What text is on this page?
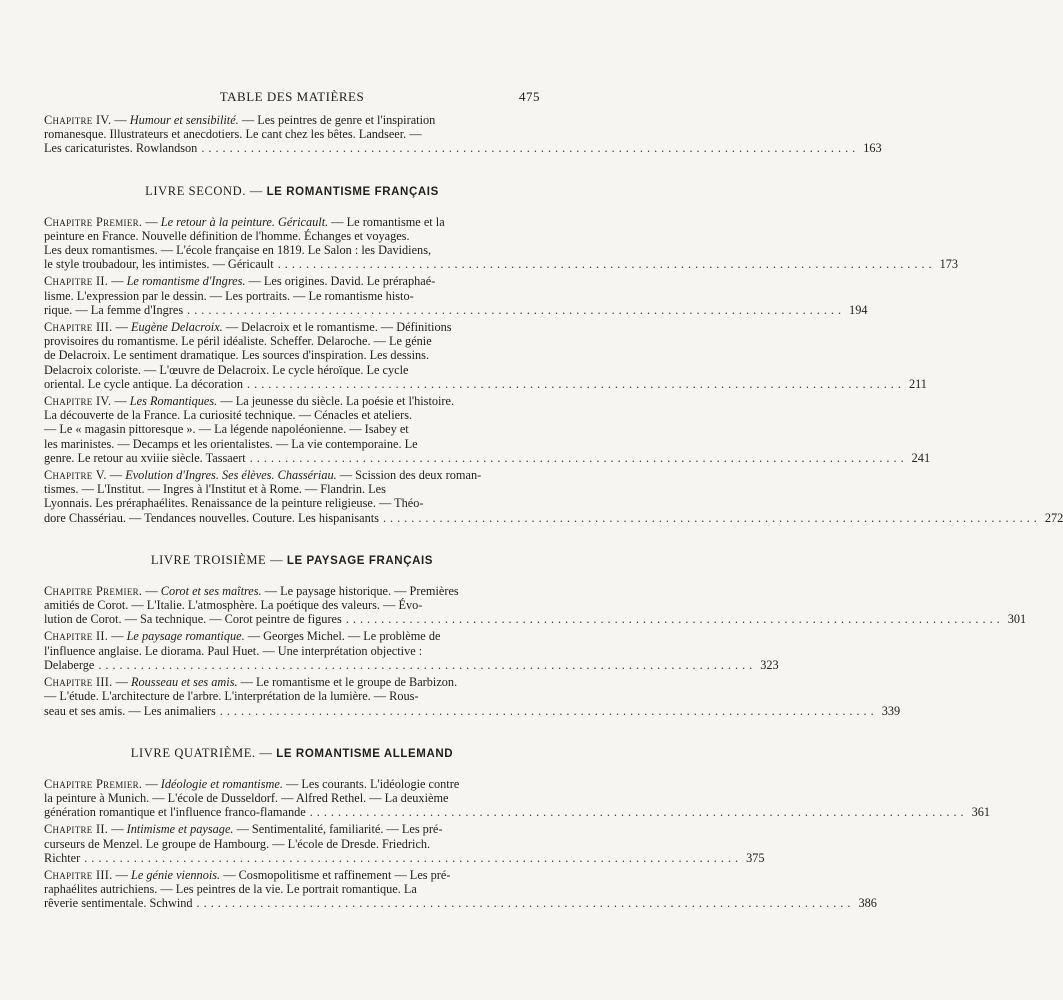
TABLE DES MATIÈRES	475
Chapitre IV. — Humour et sensibilité. — Les peintres de genre et l'inspiration
romanesque. Illustrateurs et anecdotiers. Le cant chez les bêtes. Landseer. —
Les caricaturistes. Rowlandson ............................................................................................. 163
LIVRE SECOND. — LE ROMANTISME FRANÇAIS
Chapitre Premier. — Le retour à la peinture. Géricault. — Le romantisme et la
peinture en France. Nouvelle définition de l'homme. Échanges et voyages.
Les deux romantismes. — L'école française en 1819. Le Salon : les Davidiens,
le style troubadour, les intimistes. — Géricault ............................................................................................. 173
Chapitre II. — Le romantisme d'Ingres. — Les origines. David. Le préraphaé-
lisme. L'expression par le dessin. — Les portraits. — Le romantisme histo-
rique. — La femme d'Ingres ............................................................................................. 194
Chapitre III. — Eugène Delacroix. — Delacroix et le romantisme. — Définitions
provisoires du romantisme. Le péril idéaliste. Scheffer. Delaroche. — Le génie
de Delacroix. Le sentiment dramatique. Les sources d'inspiration. Les dessins.
Delacroix coloriste. — L'œuvre de Delacroix. Le cycle héroïque. Le cycle
oriental. Le cycle antique. La décoration ............................................................................................. 211
Chapitre IV. — Les Romantiques. — La jeunesse du siècle. La poésie et l'histoire.
La découverte de la France. La curiosité technique. — Cénacles et ateliers.
— Le « magasin pittoresque ». — La légende napoléonienne. — Isabey et
les marinistes. — Decamps et les orientalistes. — La vie contemporaine. Le
genre. Le retour au xviiie siècle. Tassaert ............................................................................................. 241
Chapitre V. — Evolution d'Ingres. Ses élèves. Chassériau. — Scission des deux roman-
tismes. — L'Institut. — Ingres à l'Institut et à Rome. — Flandrin. Les
Lyonnais. Les préraphaélites. Renaissance de la peinture religieuse. — Théo-
dore Chassériau. — Tendances nouvelles. Couture. Les hispanisants ............................................................................................. 272
LIVRE TROISIÈME — LE PAYSAGE FRANÇAIS
Chapitre Premier. — Corot et ses maîtres. — Le paysage historique. — Premières
amitiés de Corot. — L'Italie. L'atmosphère. La poétique des valeurs. — Évo-
lution de Corot. — Sa technique. — Corot peintre de figures ............................................................................................. 301
Chapitre II. — Le paysage romantique. — Georges Michel. — Le problème de
l'influence anglaise. Le diorama. Paul Huet. — Une interprétation objective :
Delaberge ............................................................................................. 323
Chapitre III. — Rousseau et ses amis. — Le romantisme et le groupe de Barbizon.
— L'étude. L'architecture de l'arbre. L'interprétation de la lumière. — Rous-
seau et ses amis. — Les animaliers ............................................................................................. 339
LIVRE QUATRIÈME. — LE ROMANTISME ALLEMAND
Chapitre Premier. — Idéologie et romantisme. — Les courants. L'idéologie contre
la peinture à Munich. — L'école de Dusseldorf. — Alfred Rethel. — La deuxième
génération romantique et l'influence franco-flamande ............................................................................................. 361
Chapitre II. — Intimisme et paysage. — Sentimentalité, familiarité. — Les pré-
curseurs de Menzel. Le groupe de Hambourg. — L'école de Dresde. Friedrich.
Richter ............................................................................................. 375
Chapitre III. — Le génie viennois. — Cosmopolitisme et raffinement — Les pré-
raphaélites autrichiens. — Les peintres de la vie. Le portrait romantique. La
rêverie sentimentale. Schwind ............................................................................................. 386
